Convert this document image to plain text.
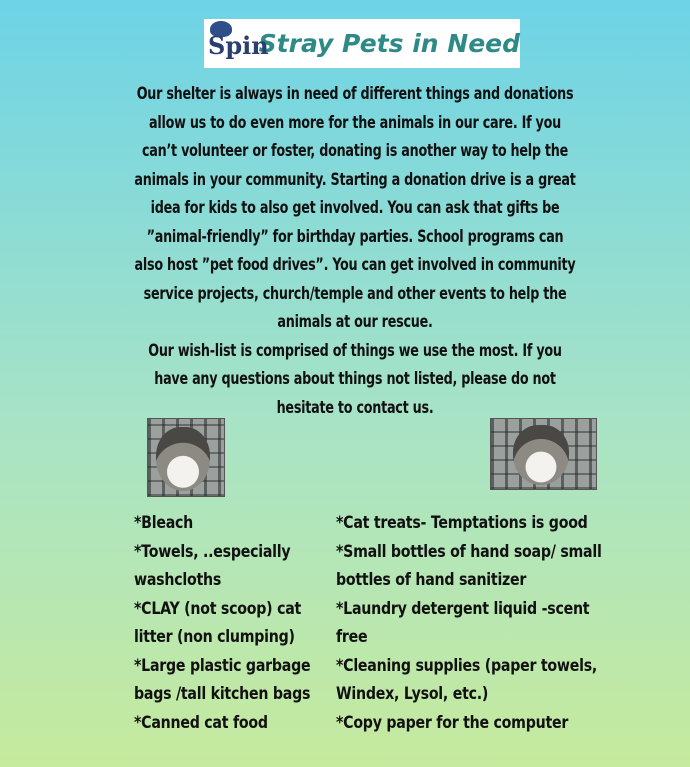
Spin
Stray Pets in Need

Our shelter is always in need of different things and donations allow us to do even more for the animals in our care. If you can’t volunteer or foster, donating is another way to help the animals in your community. Starting a donation drive is a great idea for kids to also get involved. You can ask that gifts be ”animal-friendly” for birthday parties. School programs can also host ”pet food drives”. You can get involved in community service projects, church/temple and other events to help the animals at our rescue.

Our wish-list is comprised of things we use the most. If you have any questions about things not listed, please do not hesitate to contact us.

*Bleach
*Towels, ..especially washcloths
*CLAY (not scoop) cat litter (non clumping)
*Large plastic garbage bags /tall kitchen bags
*Canned cat food
*Cat treats- Temptations is good
*Small bottles of hand soap/ small bottles of hand sanitizer
*Laundry detergent liquid -scent free
*Cleaning supplies (paper towels, Windex, Lysol, etc.)
*Copy paper for the computer
